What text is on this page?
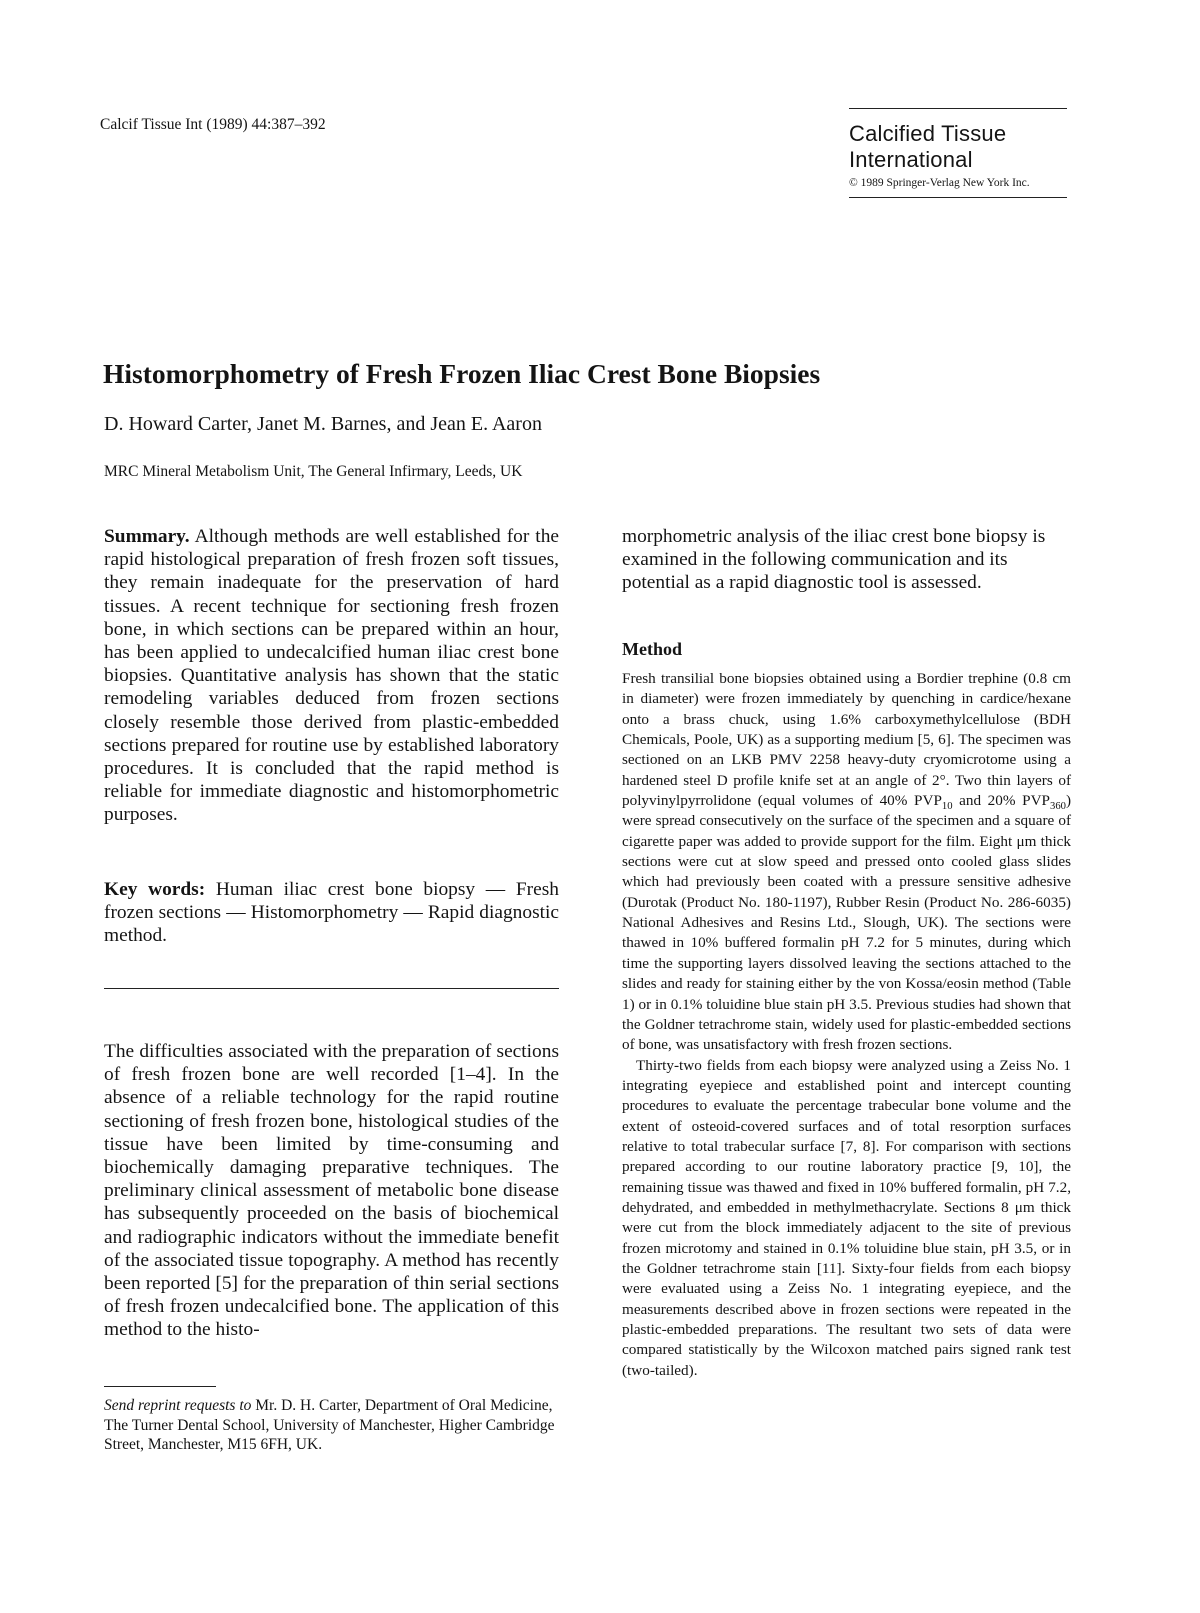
Calcif Tissue Int (1989) 44:387–392	Calcified Tissue
International
© 1989 Springer-Verlag New York Inc.
Histomorphometry of Fresh Frozen Iliac Crest Bone Biopsies
D. Howard Carter, Janet M. Barnes, and Jean E. Aaron
MRC Mineral Metabolism Unit, The General Infirmary, Leeds, UK

Summary. Although methods are well established for the rapid histological preparation of fresh frozen soft tissues, they remain inadequate for the preservation of hard tissues. A recent technique for sectioning fresh frozen bone, in which sections can be prepared within an hour, has been applied to undecalcified human iliac crest bone biopsies. Quantitative analysis has shown that the static remodeling variables deduced from frozen sections closely resemble those derived from plastic-embedded sections prepared for routine use by established laboratory procedures. It is concluded that the rapid method is reliable for immediate diagnostic and histomorphometric purposes.

Key words: Human iliac crest bone biopsy — Fresh frozen sections — Histomorphometry — Rapid diagnostic method.

The difficulties associated with the preparation of sections of fresh frozen bone are well recorded [1–4]. In the absence of a reliable technology for the rapid routine sectioning of fresh frozen bone, histological studies of the tissue have been limited by time-consuming and biochemically damaging preparative techniques. The preliminary clinical assessment of metabolic bone disease has subsequently proceeded on the basis of biochemical and radiographic indicators without the immediate benefit of the associated tissue topography. A method has recently been reported [5] for the preparation of thin serial sections of fresh frozen undecalcified bone. The application of this method to the histo-

morphometric analysis of the iliac crest bone biopsy is examined in the following communication and its potential as a rapid diagnostic tool is assessed.

Method

Fresh transilial bone biopsies obtained using a Bordier trephine (0.8 cm in diameter) were frozen immediately by quenching in cardice/hexane onto a brass chuck, using 1.6% carboxymethylcellulose (BDH Chemicals, Poole, UK) as a supporting medium [5, 6]. The specimen was sectioned on an LKB PMV 2258 heavy-duty cryomicrotome using a hardened steel D profile knife set at an angle of 2°. Two thin layers of polyvinylpyrrolidone (equal volumes of 40% $PVP_{10}$ and 20% $PVP_{360}$) were spread consecutively on the surface of the specimen and a square of cigarette paper was added to provide support for the film. Eight μm thick sections were cut at slow speed and pressed onto cooled glass slides which had previously been coated with a pressure sensitive adhesive (Durotak (Product No. 180-1197), Rubber Resin (Product No. 286-6035) National Adhesives and Resins Ltd., Slough, UK). The sections were thawed in 10% buffered formalin pH 7.2 for 5 minutes, during which time the supporting layers dissolved leaving the sections attached to the slides and ready for staining either by the von Kossa/eosin method (Table 1) or in 0.1% toluidine blue stain pH 3.5. Previous studies had shown that the Goldner tetrachrome stain, widely used for plastic-embedded sections of bone, was unsatisfactory with fresh frozen sections.

Thirty-two fields from each biopsy were analyzed using a Zeiss No. 1 integrating eyepiece and established point and intercept counting procedures to evaluate the percentage trabecular bone volume and the extent of osteoid-covered surfaces and of total resorption surfaces relative to total trabecular surface [7, 8]. For comparison with sections prepared according to our routine laboratory practice [9, 10], the remaining tissue was thawed and fixed in 10% buffered formalin, pH 7.2, dehydrated, and embedded in methylmethacrylate. Sections 8 μm thick were cut from the block immediately adjacent to the site of previous frozen microtomy and stained in 0.1% toluidine blue stain, pH 3.5, or in the Goldner tetrachrome stain [11]. Sixty-four fields from each biopsy were evaluated using a Zeiss No. 1 integrating eyepiece, and the measurements described above in frozen sections were repeated in the plastic-embedded preparations. The resultant two sets of data were compared statistically by the Wilcoxon matched pairs signed rank test (two-tailed).

Send reprint requests to Mr. D. H. Carter, Department of Oral Medicine, The Turner Dental School, University of Manchester, Higher Cambridge Street, Manchester, M15 6FH, UK.
